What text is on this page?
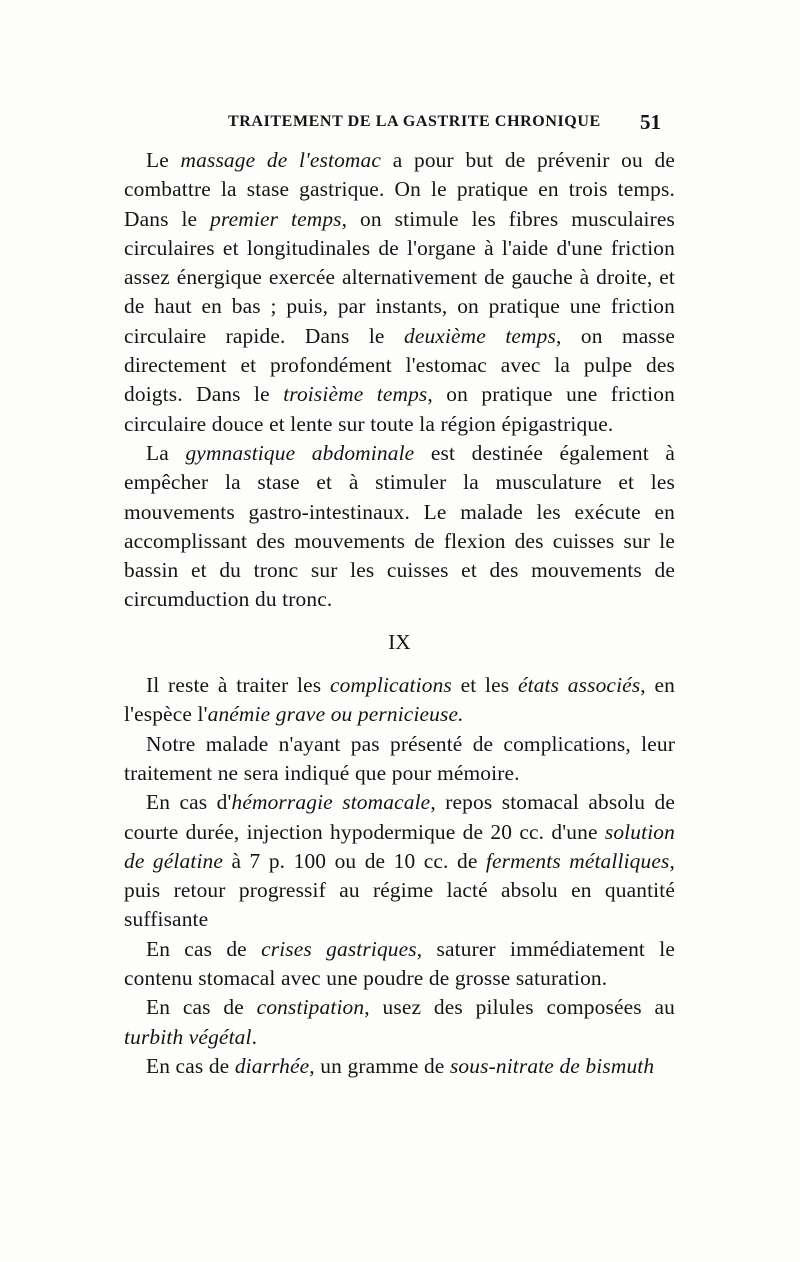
TRAITEMENT DE LA GASTRITE CHRONIQUE 51

Le massage de l'estomac a pour but de prévenir ou de combattre la stase gastrique. On le pratique en trois temps. Dans le premier temps, on stimule les fibres musculaires circulaires et longitudinales de l'organe à l'aide d'une friction assez énergique exercée alternativement de gauche à droite, et de haut en bas ; puis, par instants, on pratique une friction circulaire rapide. Dans le deuxième temps, on masse directement et profondément l'estomac avec la pulpe des doigts. Dans le troisième temps, on pratique une friction circulaire douce et lente sur toute la région épigastrique.

La gymnastique abdominale est destinée également à empêcher la stase et à stimuler la musculature et les mouvements gastro-intestinaux. Le malade les exécute en accomplissant des mouvements de flexion des cuisses sur le bassin et du tronc sur les cuisses et des mouvements de circumduction du tronc.

IX

Il reste à traiter les complications et les états associés, en l'espèce l'anémie grave ou pernicieuse.

Notre malade n'ayant pas présenté de complications, leur traitement ne sera indiqué que pour mémoire.

En cas d'hémorragie stomacale, repos stomacal absolu de courte durée, injection hypodermique de 20 cc. d'une solution de gélatine à 7 p. 100 ou de 10 cc. de ferments métalliques, puis retour progressif au régime lacté absolu en quantité suffisante

En cas de crises gastriques, saturer immédiatement le contenu stomacal avec une poudre de grosse saturation.

En cas de constipation, usez des pilules composées au turbith végétal.

En cas de diarrhée, un gramme de sous-nitrate de bismuth
